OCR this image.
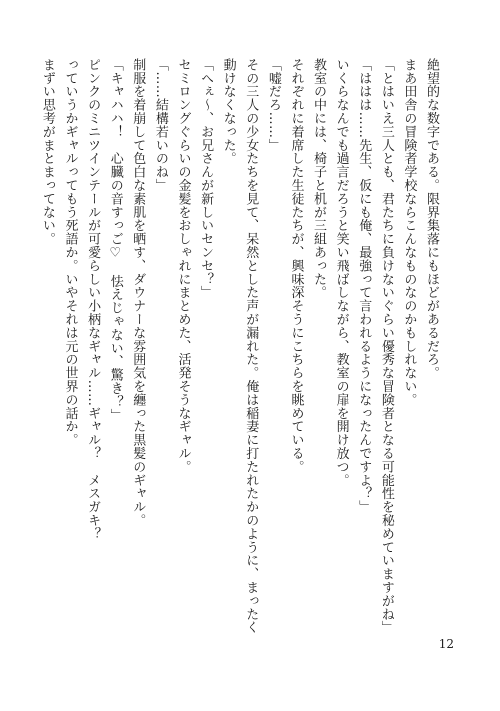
絶望的な数字である。限界集落にもほどがあるだろ。
まあ田舎の冒険者学校ならこんなものなのかもしれない。
「とはいえ三人とも、君たちに負けないぐらい優秀な冒険者となる可能性を秘めていますがね」
「ははは……先生、仮にも俺、最強って言われるようになったんですよ？」
いくらなんでも過言だろうと笑い飛ばしながら、教室の扉を開け放つ。
教室の中には、椅子と机が三組あった。
それぞれに着席した生徒たちが、興味深そうにこちらを眺めている。
「嘘だろ……」
その三人の少女たちを見て、呆然とした声が漏れた。俺は稲妻に打たれたかのように、まったく
動けなくなった。
「へぇ～、お兄さんが新しいセンセ？」
セミロングぐらいの金髪をおしゃれにまとめた、活発そうなギャル。
「……結構若いのね」
制服を着崩して色白な素肌を晒す、ダウナーな雰囲気を纏った黒髪のギャル。
「キャハハ！　心臓の音すっご♡　怯えじゃない、驚き？」
ピンクのミニツインテールが可愛らしい小柄なギャル……ギャル？　メスガキ？
っていうかギャルってもう死語か。いやそれは元の世界の話か。
まずい思考がまとまってない。
12
